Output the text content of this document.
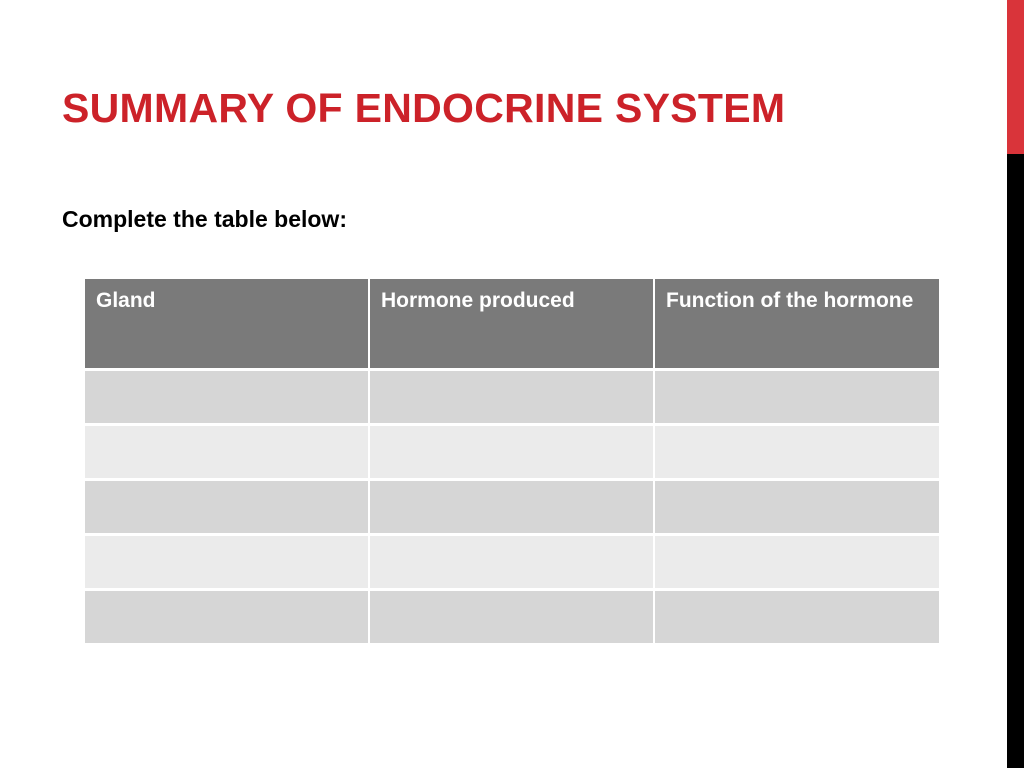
SUMMARY OF ENDOCRINE SYSTEM

Complete the table below:

Gland	Hormone produced	Function of the hormone
